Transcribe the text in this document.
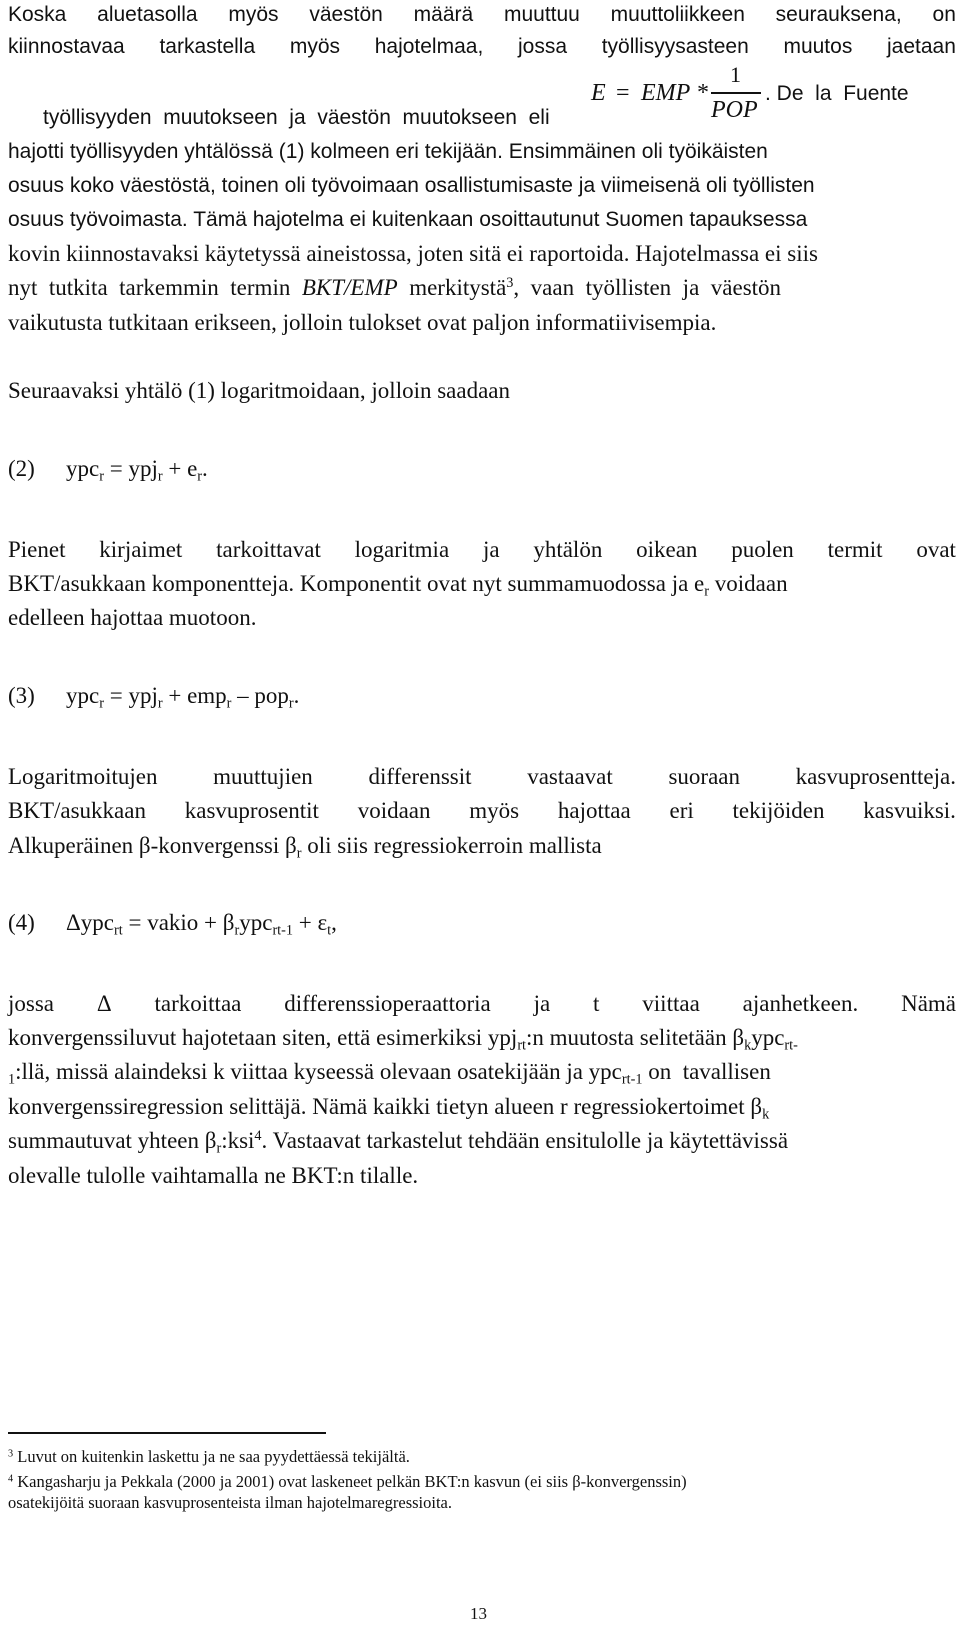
Koska aluetasolla myös väestön määrä muuttuu muuttoliikkeen seurauksena, on
kiinnostavaa tarkastella myös hajotelmaa, jossa työllisyysasteen muutos jaetaan

työllisyyden  muutokseen  ja  väestön  muutokseen  eli

E = EMP *
1
POP
. De  la  Fuente
hajotti työllisyyden yhtälössä (1) kolmeen eri tekijään. Ensimmäinen oli työikäisten
osuus koko väestöstä, toinen oli työvoimaan osallistumisaste ja viimeisenä oli työllisten
osuus työvoimasta. Tämä hajotelma ei kuitenkaan osoittautunut Suomen tapauksessa
kovin kiinnostavaksi käytetyssä aineistossa, joten sitä ei raportoida. Hajotelmassa ei siis
nyt  tutkita  tarkemmin  termin BKT/EMP merkitystä$^3$,  vaan  työllisten  ja  väestön
vaikutusta tutkitaan erikseen, jolloin tulokset ovat paljon informatiivisempia.
Seuraavaksi yhtälö (1) logaritmoidaan, jolloin saadaan
(2) $ypc_r = ypj_r + e_r$.
Pienet kirjaimet tarkoittavat logaritmia ja yhtälön oikean puolen termit ovat
BKT/asukkaan komponentteja. Komponentit ovat nyt summamuodossa ja $e_r$ voidaan
edelleen hajottaa muotoon.
(3) ypc$_r$ = ypj$_r$ + emp$_r$ – pop$_r$.
Logaritmoitujen muuttujien differenssit vastaavat suoraan kasvuprosentteja.
BKT/asukkaan kasvuprosentit voidaan myös hajottaa eri tekijöiden kasvuiksi.
Alkuperäinen β-konvergenssi $\beta_r$ oli siis regressiokerroin mallista
(4) Δypc$_{rt}$ = vakio + $\beta_rypc_{rt-1} + \varepsilon_t$,
jossa Δ tarkoittaa differenssioperaattoria ja t viittaa ajanhetkeen. Nämä
konvergenssiluvut hajotetaan siten, että esimerkiksi ypj$_{rt}$:n muutosta selitetään $\beta_kypc_{rt-}$
$_1$:llä, missä alaindeksi k viittaa kyseessä olevaan osatekijään ja ypc$_{rt-1}$ on  tavallisen
konvergenssiregression selittäjä. Nämä kaikki tietyn alueen r regressiokertoimet $\beta_k$
summautuvat yhteen $\beta_r:ksi^4$. Vastaavat tarkastelut tehdään ensitulolle ja käytettävissä
olevalle tulolle vaihtamalla ne BKT:n tilalle.
$^3$ Luvut on kuitenkin laskettu ja ne saa pyydettäessä tekijältä.
$^4$ Kangasharju ja Pekkala (2000 ja 2001) ovat laskeneet pelkän BKT:n kasvun (ei siis β-konvergenssin)
osatekijöitä suoraan kasvuprosenteista ilman hajotelmaregressioita.
13
